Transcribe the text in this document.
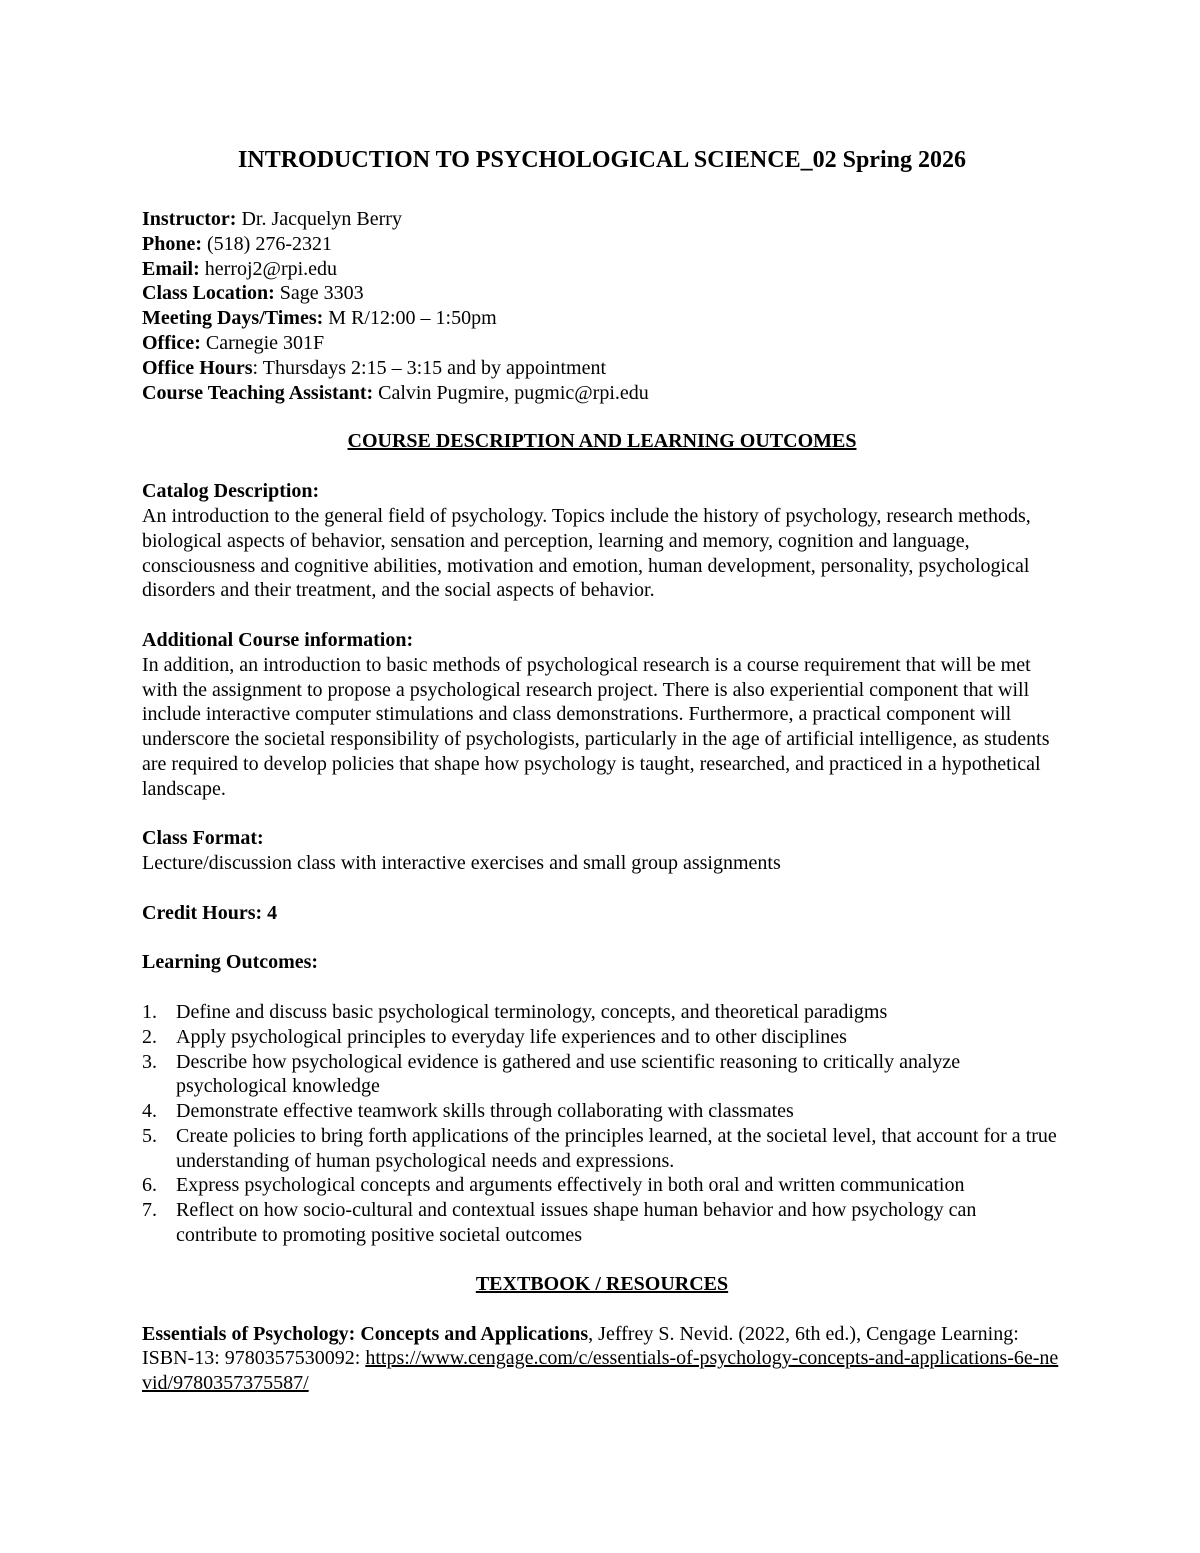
INTRODUCTION TO PSYCHOLOGICAL SCIENCE_02 Spring 2026
Instructor: Dr. Jacquelyn Berry
Phone: (518) 276-2321
Email: herroj2@rpi.edu
Class Location: Sage 3303
Meeting Days/Times: M R/12:00 – 1:50pm
Office: Carnegie 301F
Office Hours: Thursdays 2:15 – 3:15 and by appointment
Course Teaching Assistant: Calvin Pugmire, pugmic@rpi.edu
COURSE DESCRIPTION AND LEARNING OUTCOMES
Catalog Description:

An introduction to the general field of psychology. Topics include the history of psychology, research methods, biological aspects of behavior, sensation and perception, learning and memory, cognition and language, consciousness and cognitive abilities, motivation and emotion, human development, personality, psychological disorders and their treatment, and the social aspects of behavior.

Additional Course information:

In addition, an introduction to basic methods of psychological research is a course requirement that will be met with the assignment to propose a psychological research project. There is also experiential component that will include interactive computer stimulations and class demonstrations. Furthermore, a practical component will underscore the societal responsibility of psychologists, particularly in the age of artificial intelligence, as students are required to develop policies that shape how psychology is taught, researched, and practiced in a hypothetical landscape.

Class Format:

Lecture/discussion class with interactive exercises and small group assignments

Credit Hours: 4
Learning Outcomes:
1. Define and discuss basic psychological terminology, concepts, and theoretical paradigms
2. Apply psychological principles to everyday life experiences and to other disciplines
3. Describe how psychological evidence is gathered and use scientific reasoning to critically analyze psychological knowledge
4. Demonstrate effective teamwork skills through collaborating with classmates
5. Create policies to bring forth applications of the principles learned, at the societal level, that account for a true understanding of human psychological needs and expressions.
6. Express psychological concepts and arguments effectively in both oral and written communication
7. Reflect on how socio-cultural and contextual issues shape human behavior and how psychology can contribute to promoting positive societal outcomes
TEXTBOOK / RESOURCES

Essentials of Psychology: Concepts and Applications, Jeffrey S. Nevid. (2022, 6th ed.), Cengage Learning: ISBN-13: 9780357530092: https://www.cengage.com/c/essentials-of-psychology-concepts-and-applications-6e-nevid/9780357375587/
